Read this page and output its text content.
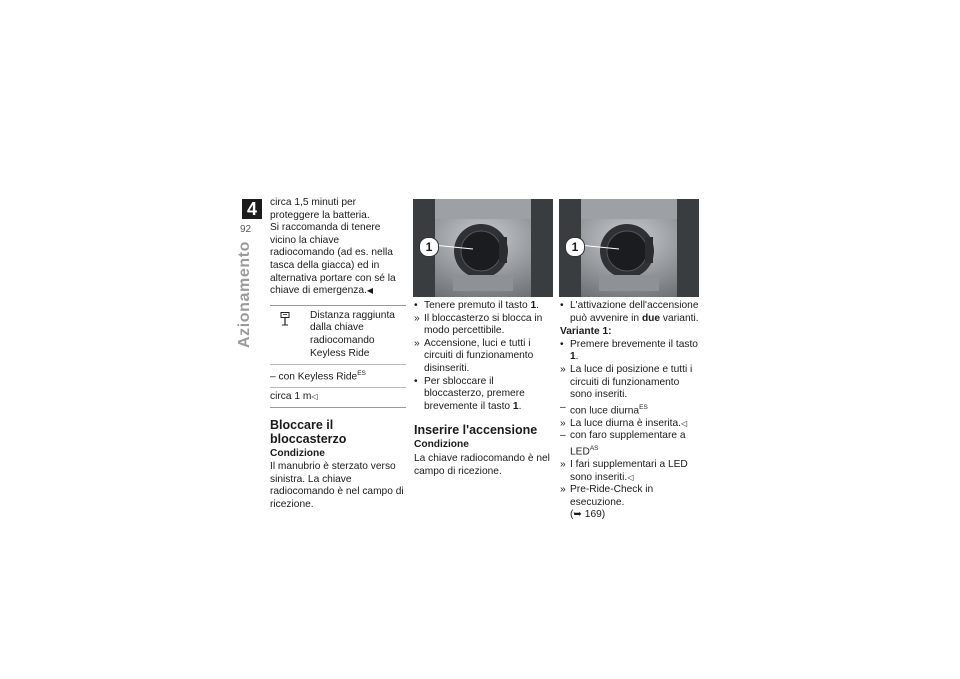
4
92
Azionamento

circa 1,5 minuti per proteggere la batteria.

Si raccomanda di tenere vicino la chiave radiocomando (ad es. nella tasca della giacca) ed in alternativa portare con sé la chiave di emergenza.◀

Distanza raggiunta dalla chiave radiocomando Keyless Ride
– con Keyless Ride$^{ES}$
circa 1 m◁
Bloccare il bloccasterzo
Condizione

Il manubrio è sterzato verso sinistra. La chiave radiocomando è nel campo di ricezione.

1	1
• Tenere premuto il tasto 1.
» Il bloccasterzo si blocca in modo percettibile.
» Accensione, luci e tutti i circuiti di funzionamento disinseriti.
• Per sbloccare il bloccasterzo, premere brevemente il tasto 1.
Inserire l'accensione
Condizione

La chiave radiocomando è nel campo di ricezione.

• L'attivazione dell'accensione può avvenire in due varianti.
Variante 1:
• Premere brevemente il tasto 1.
» La luce di posizione e tutti i circuiti di funzionamento sono inseriti.
– con luce diurna$^{ES}$
» La luce diurna è inserita.◁
– con faro supplementare a $LED^{AS}$
» I fari supplementari a LED sono inseriti.◁
» Pre-Ride-Check in esecuzione.
(➥ 169)
